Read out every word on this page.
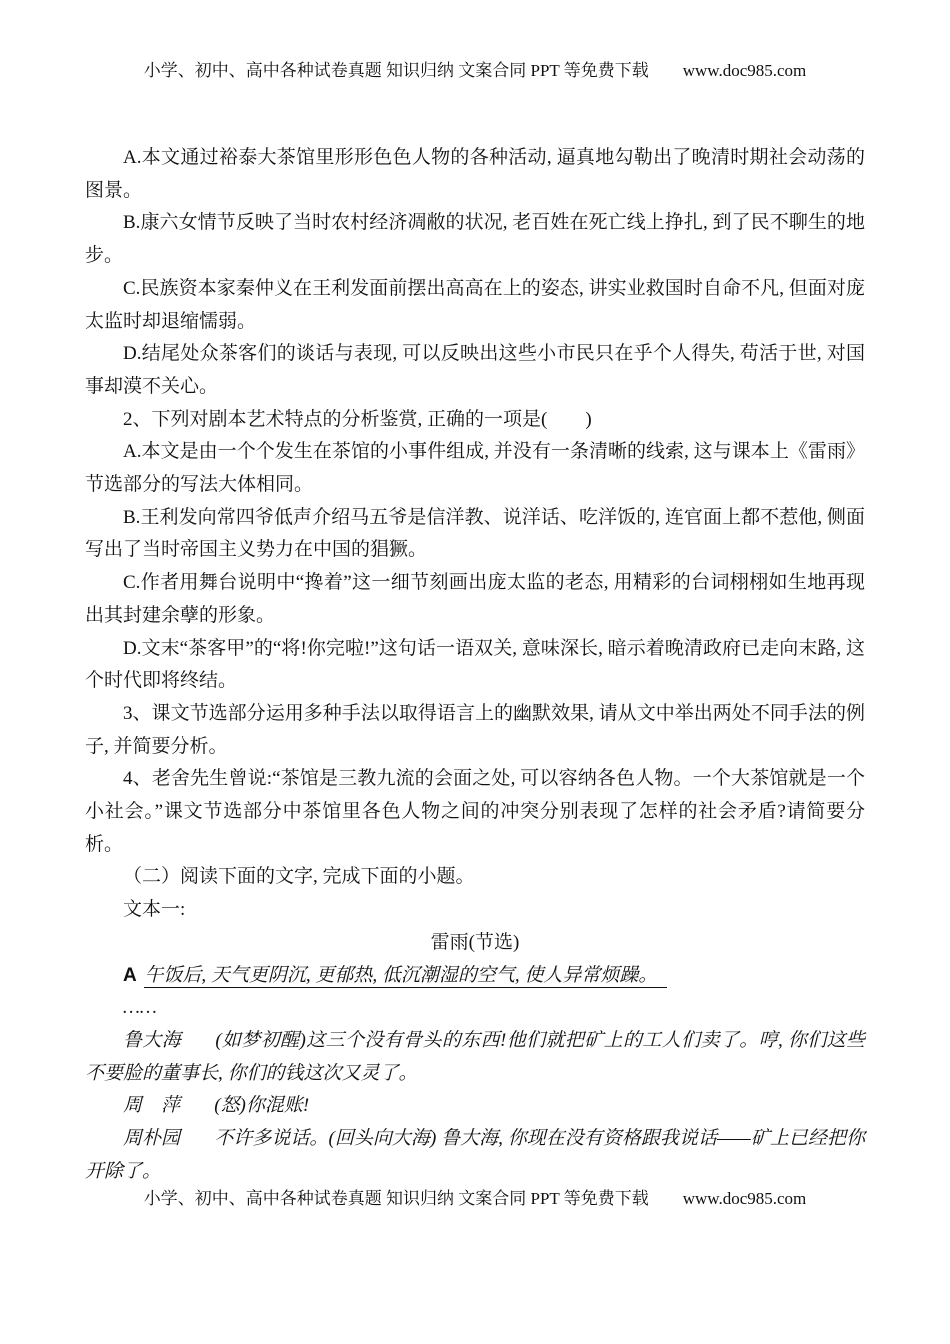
小学、初中、高中各种试卷真题 知识归纳 文案合同 PPT 等免费下载　　www.doc985.com

A.本文通过裕泰大茶馆里形形色色人物的各种活动, 逼真地勾勒出了晚清时期社会动荡的图景。

B.康六女情节反映了当时农村经济凋敝的状况, 老百姓在死亡线上挣扎, 到了民不聊生的地步。

C.民族资本家秦仲义在王利发面前摆出高高在上的姿态, 讲实业救国时自命不凡, 但面对庞太监时却退缩懦弱。

D.结尾处众茶客们的谈话与表现, 可以反映出这些小市民只在乎个人得失, 苟活于世, 对国事却漠不关心。

2、下列对剧本艺术特点的分析鉴赏, 正确的一项是(　　)

A.本文是由一个个发生在茶馆的小事件组成, 并没有一条清晰的线索, 这与课本上《雷雨》节选部分的写法大体相同。

B.王利发向常四爷低声介绍马五爷是信洋教、说洋话、吃洋饭的, 连官面上都不惹他, 侧面写出了当时帝国主义势力在中国的猖獗。

C.作者用舞台说明中“搀着”这一细节刻画出庞太监的老态, 用精彩的台词栩栩如生地再现出其封建余孽的形象。

D.文末“茶客甲”的“将!你完啦!”这句话一语双关, 意味深长, 暗示着晚清政府已走向末路, 这个时代即将终结。

3、课文节选部分运用多种手法以取得语言上的幽默效果, 请从文中举出两处不同手法的例子, 并简要分析。

4、老舍先生曾说:“茶馆是三教九流的会面之处, 可以容纳各色人物。一个大茶馆就是一个小社会。”课文节选部分中茶馆里各色人物之间的冲突分别表现了怎样的社会矛盾?请简要分析。

（二）阅读下面的文字, 完成下面的小题。

文本一:

雷雨(节选)

A 午饭后, 天气更阴沉, 更郁热, 低沉潮湿的空气, 使人异常烦躁。

……

鲁大海 (如梦初醒)这三个没有骨头的东西!他们就把矿上的工人们卖了。哼, 你们这些不要脸的董事长, 你们的钱这次又灵了。

周　萍 (怒)你混账!

周朴园 不许多说话。(回头向大海) 鲁大海, 你现在没有资格跟我说话——矿上已经把你开除了。

小学、初中、高中各种试卷真题 知识归纳 文案合同 PPT 等免费下载　　www.doc985.com
